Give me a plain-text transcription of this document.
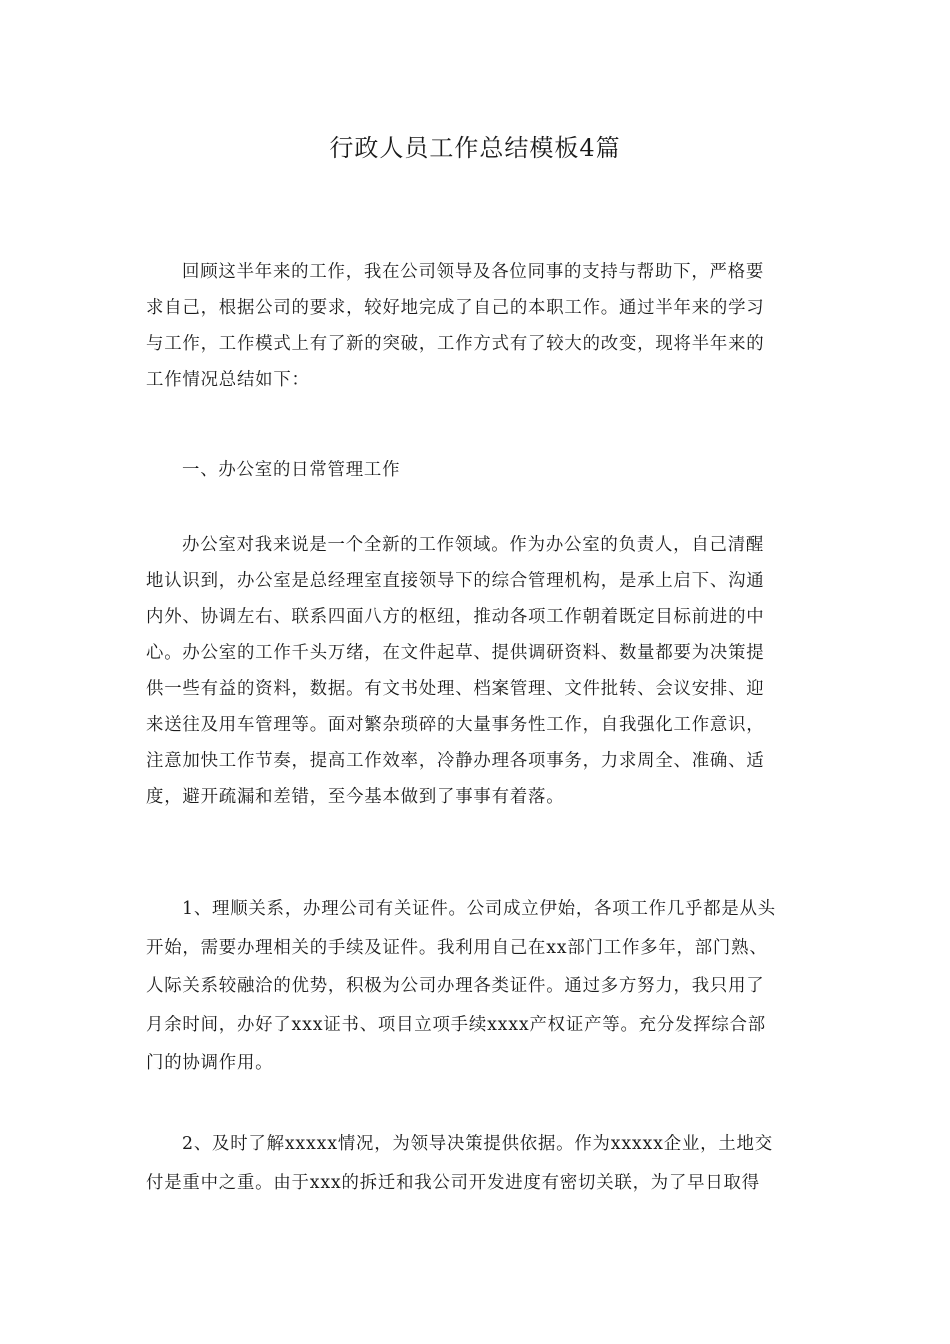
行政人员工作总结模板4篇
回顾这半年来的工作，我在公司领导及各位同事的支持与帮助下，严格要
求自己，根据公司的要求，较好地完成了自己的本职工作。通过半年来的学习
与工作，工作模式上有了新的突破，工作方式有了较大的改变，现将半年来的
工作情况总结如下：
一、办公室的日常管理工作
办公室对我来说是一个全新的工作领域。作为办公室的负责人，自己清醒
地认识到，办公室是总经理室直接领导下的综合管理机构，是承上启下、沟通
内外、协调左右、联系四面八方的枢纽，推动各项工作朝着既定目标前进的中
心。办公室的工作千头万绪，在文件起草、提供调研资料、数量都要为决策提
供一些有益的资料，数据。有文书处理、档案管理、文件批转、会议安排、迎
来送往及用车管理等。面对繁杂琐碎的大量事务性工作，自我强化工作意识，
注意加快工作节奏，提高工作效率，冷静办理各项事务，力求周全、准确、适
度，避开疏漏和差错，至今基本做到了事事有着落。
1、理顺关系，办理公司有关证件。公司成立伊始，各项工作几乎都是从头
开始，需要办理相关的手续及证件。我利用自己在xx部门工作多年，部门熟、
人际关系较融洽的优势，积极为公司办理各类证件。通过多方努力，我只用了
月余时间，办好了xxx证书、项目立项手续xxxx产权证产等。充分发挥综合部
门的协调作用。
2、及时了解xxxxx情况，为领导决策提供依据。作为xxxxx企业，土地交
付是重中之重。由于xxx的拆迁和我公司开发进度有密切关联，为了早日取得
